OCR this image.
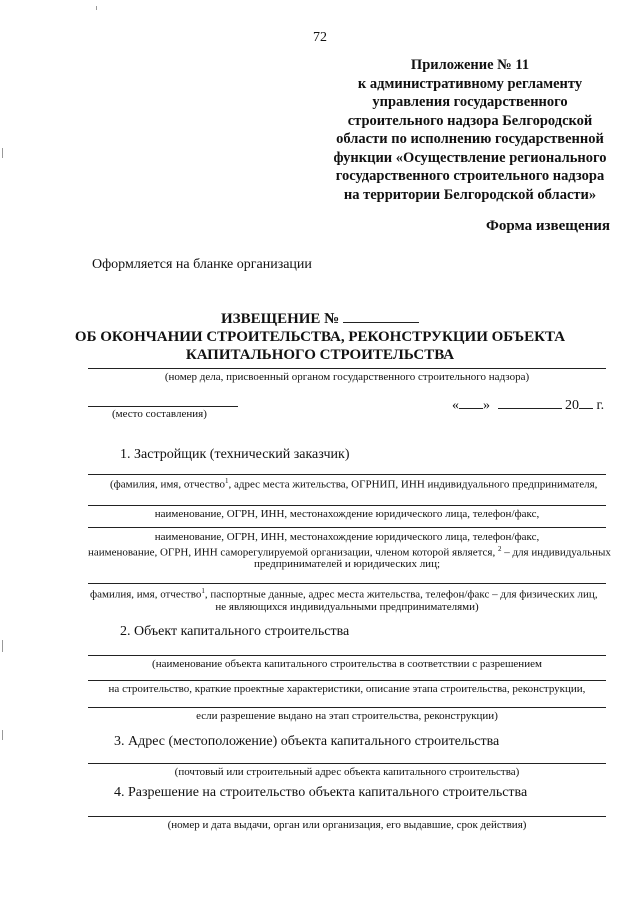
72
Приложение № 11
к административному регламенту
управления государственного
строительного надзора Белгородской
области по исполнению государственной
функции «Осуществление регионального
государственного строительного надзора
на территории Белгородской области»
Форма извещения
Оформляется на бланке организации
ИЗВЕЩЕНИЕ №
ОБ ОКОНЧАНИИ СТРОИТЕЛЬСТВА, РЕКОНСТРУКЦИИ ОБЪЕКТА
КАПИТАЛЬНОГО СТРОИТЕЛЬСТВА
(номер дела, присвоенный органом государственного строительного надзора)
(место составления)
« »	20 г.
1. Застройщик (технический заказчик)
(фамилия, имя, отчество$^1$, адрес места жительства, ОГРНИП, ИНН индивидуального предпринимателя,
наименование, ОГРН, ИНН, местонахождение юридического лица, телефон/факс,
наименование, ОГРН, ИНН, местонахождение юридического лица, телефон/факс,
наименование, ОГРН, ИНН саморегулируемой организации, членом которой является, $^2$ – для индивидуальных
предпринимателей и юридических лиц;
фамилия, имя, отчество$^1$, паспортные данные, адрес места жительства, телефон/факс – для физических лиц,
не являющихся индивидуальными предпринимателями)
2. Объект капитального строительства
(наименование объекта капитального строительства в соответствии с разрешением
на строительство, краткие проектные характеристики, описание этапа строительства, реконструкции,
если разрешение выдано на этап строительства, реконструкции)
3. Адрес (местоположение) объекта капитального строительства
(почтовый или строительный адрес объекта капитального строительства)
4. Разрешение на строительство объекта капитального строительства
(номер и дата выдачи, орган или организация, его выдавшие, срок действия)
